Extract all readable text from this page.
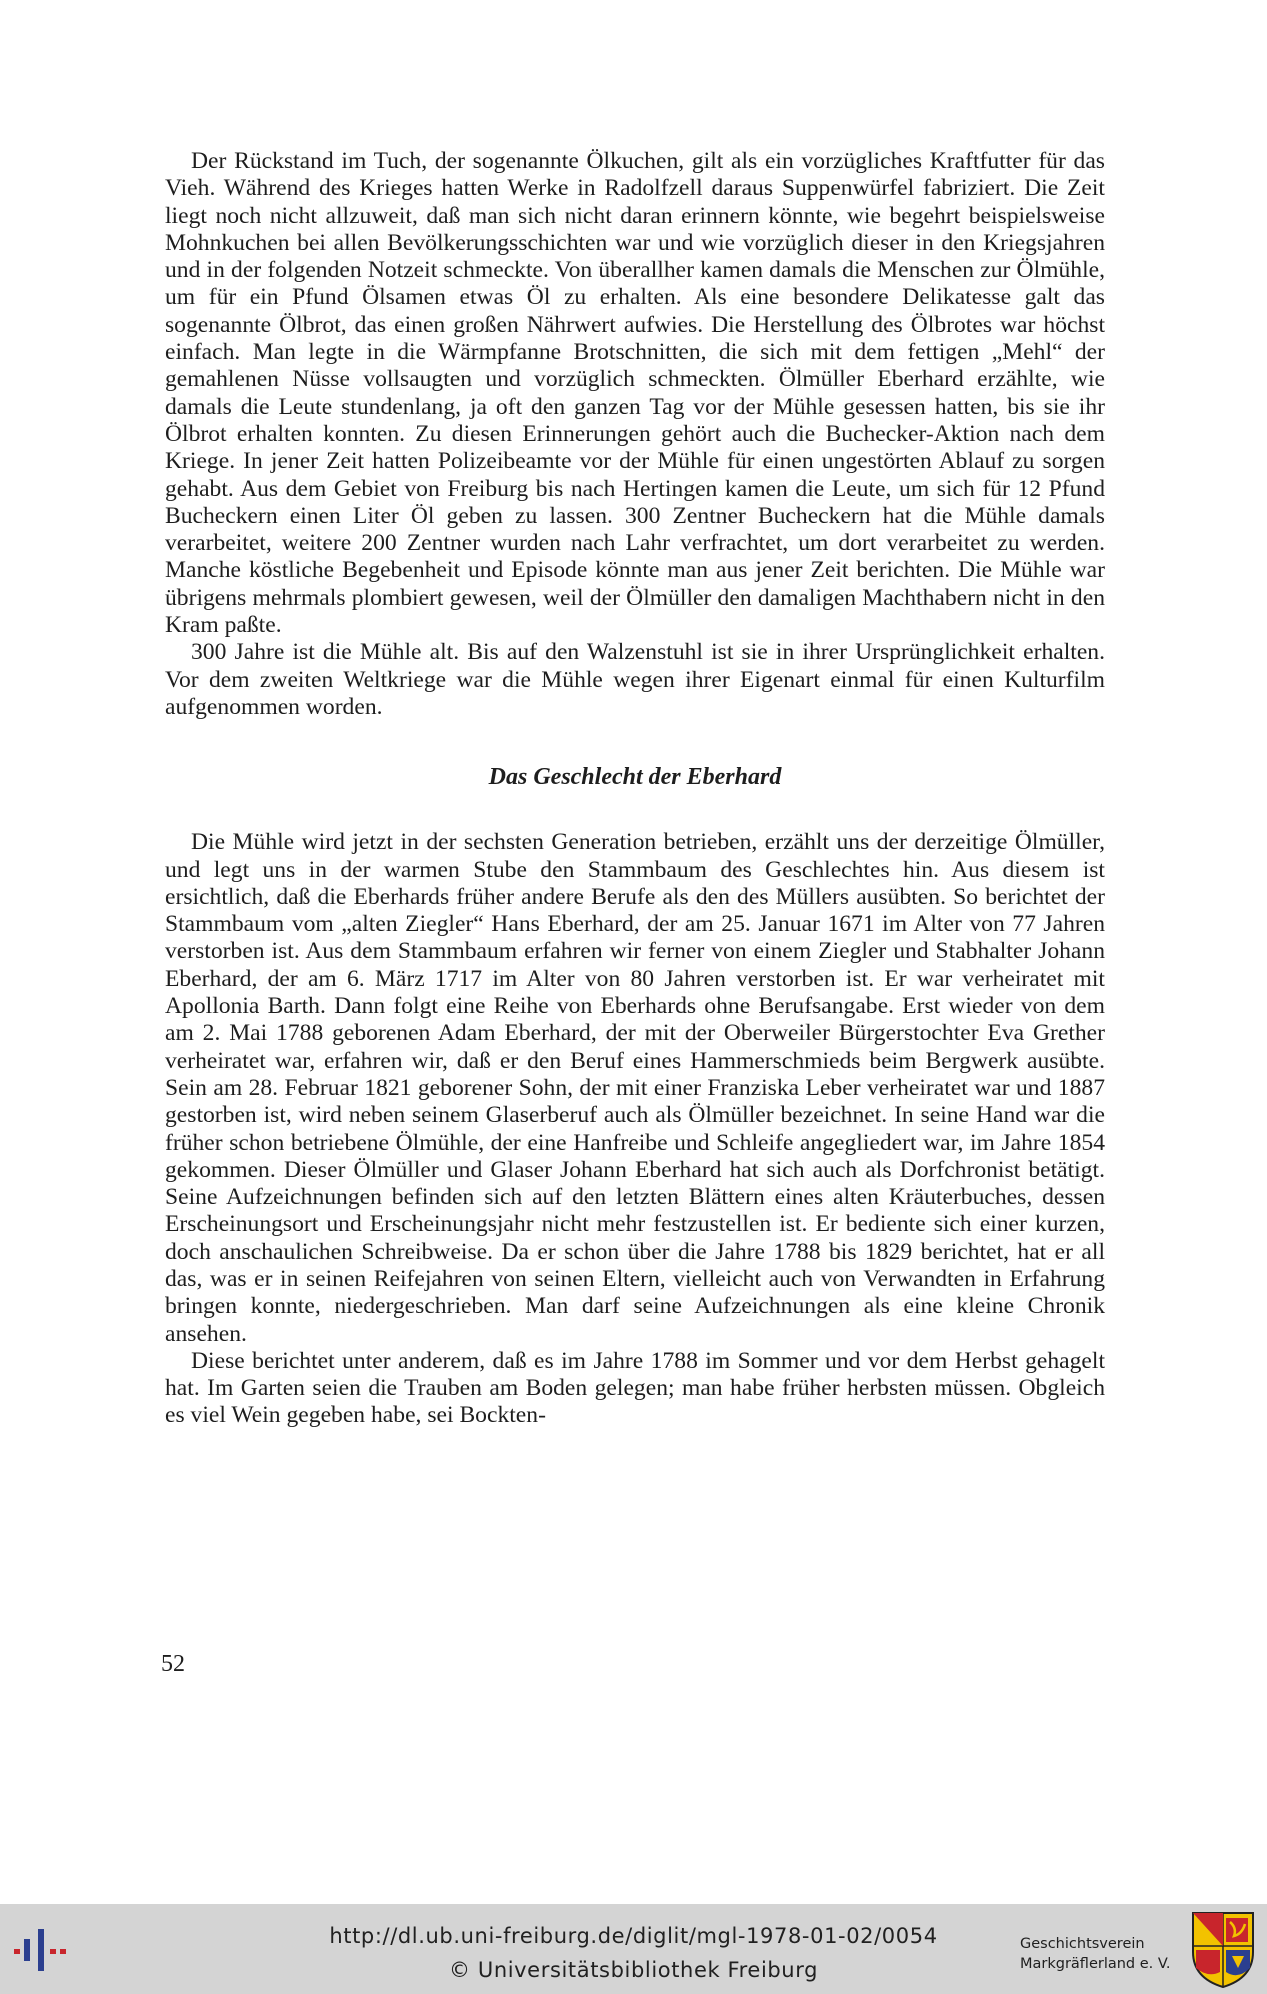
Der Rückstand im Tuch, der sogenannte Ölkuchen, gilt als ein vorzügliches Kraftfutter für das Vieh. Während des Krieges hatten Werke in Radolfzell daraus Suppenwürfel fabriziert. Die Zeit liegt noch nicht allzuweit, daß man sich nicht daran erinnern könnte, wie begehrt beispielsweise Mohnkuchen bei allen Bevölkerungsschichten war und wie vorzüglich dieser in den Kriegsjahren und in der folgenden Notzeit schmeckte. Von überallher kamen damals die Menschen zur Ölmühle, um für ein Pfund Ölsamen etwas Öl zu erhalten. Als eine besondere Delikatesse galt das sogenannte Ölbrot, das einen großen Nährwert aufwies. Die Herstellung des Ölbrotes war höchst einfach. Man legte in die Wärmpfanne Brotschnitten, die sich mit dem fettigen „Mehl“ der gemahlenen Nüsse vollsaugten und vorzüglich schmeckten. Ölmüller Eberhard erzählte, wie damals die Leute stundenlang, ja oft den ganzen Tag vor der Mühle gesessen hatten, bis sie ihr Ölbrot erhalten konnten. Zu diesen Erinnerungen gehört auch die Buchecker-Aktion nach dem Kriege. In jener Zeit hatten Polizeibeamte vor der Mühle für einen ungestörten Ablauf zu sorgen gehabt. Aus dem Gebiet von Freiburg bis nach Hertingen kamen die Leute, um sich für 12 Pfund Bucheckern einen Liter Öl geben zu lassen. 300 Zentner Bucheckern hat die Mühle damals verarbeitet, weitere 200 Zentner wurden nach Lahr verfrachtet, um dort verarbeitet zu werden. Manche köstliche Begebenheit und Episode könnte man aus jener Zeit berichten. Die Mühle war übrigens mehrmals plombiert gewesen, weil der Ölmüller den damaligen Machthabern nicht in den Kram paßte.

300 Jahre ist die Mühle alt. Bis auf den Walzenstuhl ist sie in ihrer Ursprünglichkeit erhalten. Vor dem zweiten Weltkriege war die Mühle wegen ihrer Eigenart einmal für einen Kulturfilm aufgenommen worden.

Das Geschlecht der Eberhard

Die Mühle wird jetzt in der sechsten Generation betrieben, erzählt uns der derzeitige Ölmüller, und legt uns in der warmen Stube den Stammbaum des Geschlechtes hin. Aus diesem ist ersichtlich, daß die Eberhards früher andere Berufe als den des Müllers ausübten. So berichtet der Stammbaum vom „alten Ziegler“ Hans Eberhard, der am 25. Januar 1671 im Alter von 77 Jahren verstorben ist. Aus dem Stammbaum erfahren wir ferner von einem Ziegler und Stabhalter Johann Eberhard, der am 6. März 1717 im Alter von 80 Jahren verstorben ist. Er war verheiratet mit Apollonia Barth. Dann folgt eine Reihe von Eberhards ohne Berufsangabe. Erst wieder von dem am 2. Mai 1788 geborenen Adam Eberhard, der mit der Oberweiler Bürgerstochter Eva Grether verheiratet war, erfahren wir, daß er den Beruf eines Hammerschmieds beim Bergwerk ausübte. Sein am 28. Februar 1821 geborener Sohn, der mit einer Franziska Leber verheiratet war und 1887 gestorben ist, wird neben seinem Glaserberuf auch als Ölmüller bezeichnet. In seine Hand war die früher schon betriebene Ölmühle, der eine Hanfreibe und Schleife angegliedert war, im Jahre 1854 gekommen. Dieser Ölmüller und Glaser Johann Eberhard hat sich auch als Dorfchronist betätigt. Seine Aufzeichnungen befinden sich auf den letzten Blättern eines alten Kräuterbuches, dessen Erscheinungsort und Erscheinungsjahr nicht mehr festzustellen ist. Er bediente sich einer kurzen, doch anschaulichen Schreibweise. Da er schon über die Jahre 1788 bis 1829 berichtet, hat er all das, was er in seinen Reifejahren von seinen Eltern, vielleicht auch von Verwandten in Erfahrung bringen konnte, niedergeschrieben. Man darf seine Aufzeichnungen als eine kleine Chronik ansehen.

Diese berichtet unter anderem, daß es im Jahre 1788 im Sommer und vor dem Herbst gehagelt hat. Im Garten seien die Trauben am Boden gelegen; man habe früher herbsten müssen. Obgleich es viel Wein gegeben habe, sei Bockten-

52
http://dl.ub.uni-freiburg.de/diglit/mgl-1978-01-02/0054
© Universitätsbibliothek Freiburg
Geschichtsverein
Markgräflerland e. V.
